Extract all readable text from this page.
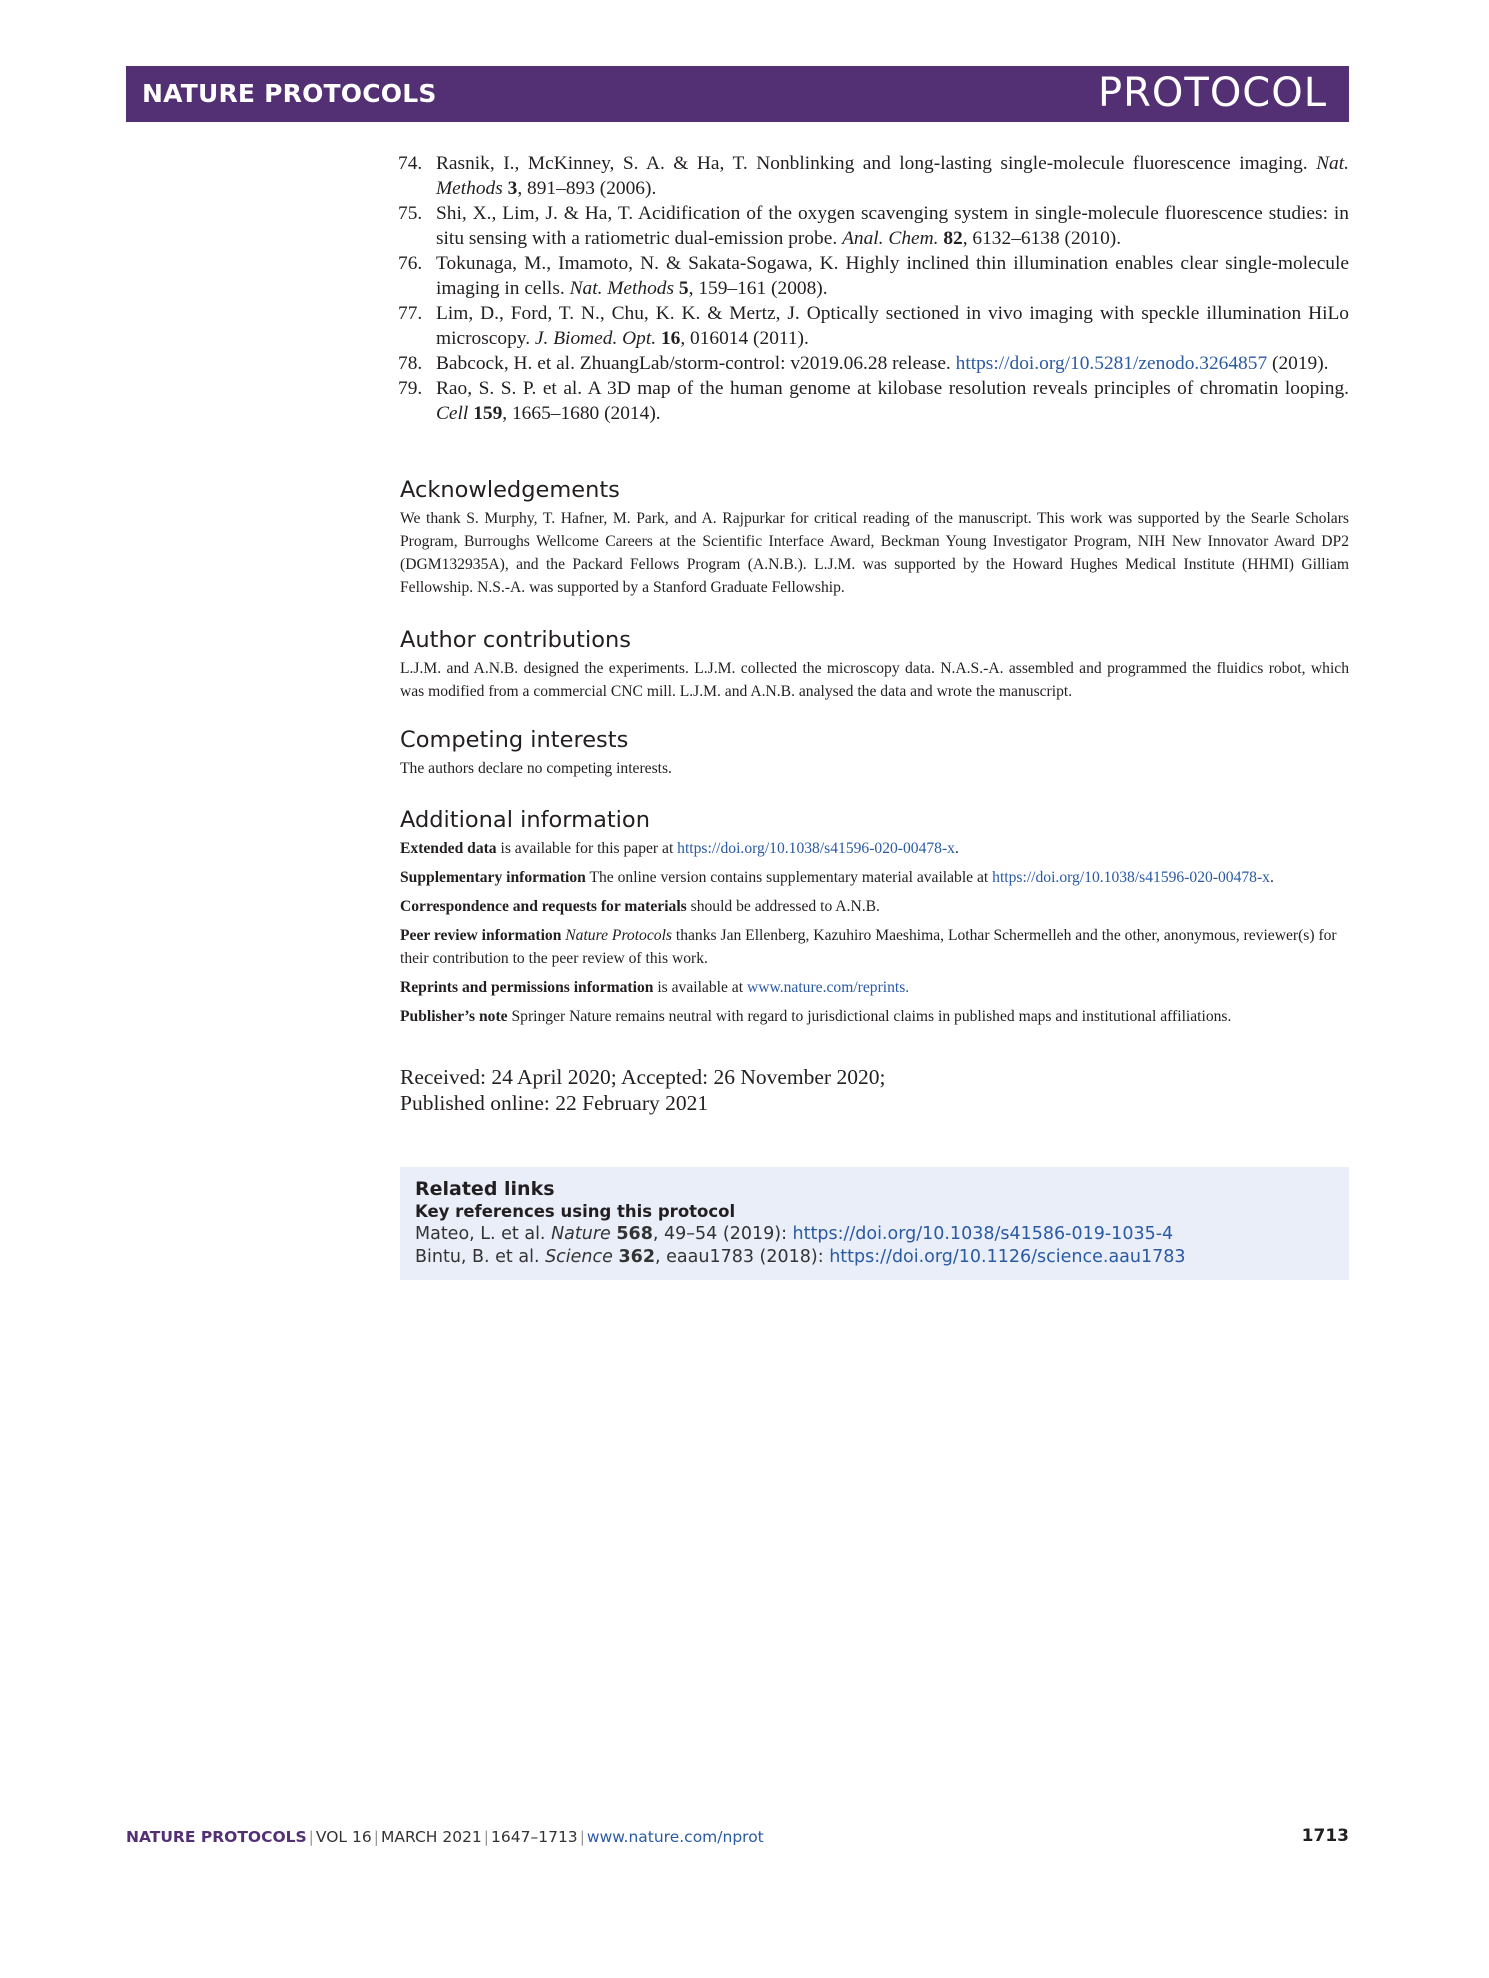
NATURE PROTOCOLS	PROTOCOL
74. Rasnik, I., McKinney, S. A. & Ha, T. Nonblinking and long-lasting single-molecule fluorescence imaging. Nat. Methods 3, 891–893 (2006).
75. Shi, X., Lim, J. & Ha, T. Acidification of the oxygen scavenging system in single-molecule fluorescence studies: in situ sensing with a ratiometric dual-emission probe. Anal. Chem. 82, 6132–6138 (2010).
76. Tokunaga, M., Imamoto, N. & Sakata-Sogawa, K. Highly inclined thin illumination enables clear single-molecule imaging in cells. Nat. Methods 5, 159–161 (2008).
77. Lim, D., Ford, T. N., Chu, K. K. & Mertz, J. Optically sectioned in vivo imaging with speckle illumination HiLo microscopy. J. Biomed. Opt. 16, 016014 (2011).
78. Babcock, H. et al. ZhuangLab/storm-control: v2019.06.28 release. https://doi.org/10.5281/zenodo.3264857 (2019).
79. Rao, S. S. P. et al. A 3D map of the human genome at kilobase resolution reveals principles of chromatin looping. Cell 159, 1665–1680 (2014).
Acknowledgements
We thank S. Murphy, T. Hafner, M. Park, and A. Rajpurkar for critical reading of the manuscript. This work was supported by the Searle Scholars Program, Burroughs Wellcome Careers at the Scientific Interface Award, Beckman Young Investigator Program, NIH New Innovator Award DP2 (DGM132935A), and the Packard Fellows Program (A.N.B.). L.J.M. was supported by the Howard Hughes Medical Institute (HHMI) Gilliam Fellowship. N.S.-A. was supported by a Stanford Graduate Fellowship.
Author contributions
L.J.M. and A.N.B. designed the experiments. L.J.M. collected the microscopy data. N.A.S.-A. assembled and programmed the fluidics robot, which was modified from a commercial CNC mill. L.J.M. and A.N.B. analysed the data and wrote the manuscript.
Competing interests
The authors declare no competing interests.
Additional information
Extended data is available for this paper at https://doi.org/10.1038/s41596-020-00478-x.
Supplementary information The online version contains supplementary material available at https://doi.org/10.1038/s41596-020-00478-x.
Correspondence and requests for materials should be addressed to A.N.B.
Peer review information Nature Protocols thanks Jan Ellenberg, Kazuhiro Maeshima, Lothar Schermelleh and the other, anonymous, reviewer(s) for their contribution to the peer review of this work.
Reprints and permissions information is available at www.nature.com/reprints.
Publisher’s note Springer Nature remains neutral with regard to jurisdictional claims in published maps and institutional affiliations.
Received: 24 April 2020; Accepted: 26 November 2020;
Published online: 22 February 2021
Related links
Key references using this protocol
Mateo, L. et al. Nature 568, 49–54 (2019): https://doi.org/10.1038/s41586-019-1035-4
Bintu, B. et al. Science 362, eaau1783 (2018): https://doi.org/10.1126/science.aau1783
NATURE PROTOCOLS | VOL 16 | MARCH 2021 | 1647–1713 | www.nature.com/nprot	1713
